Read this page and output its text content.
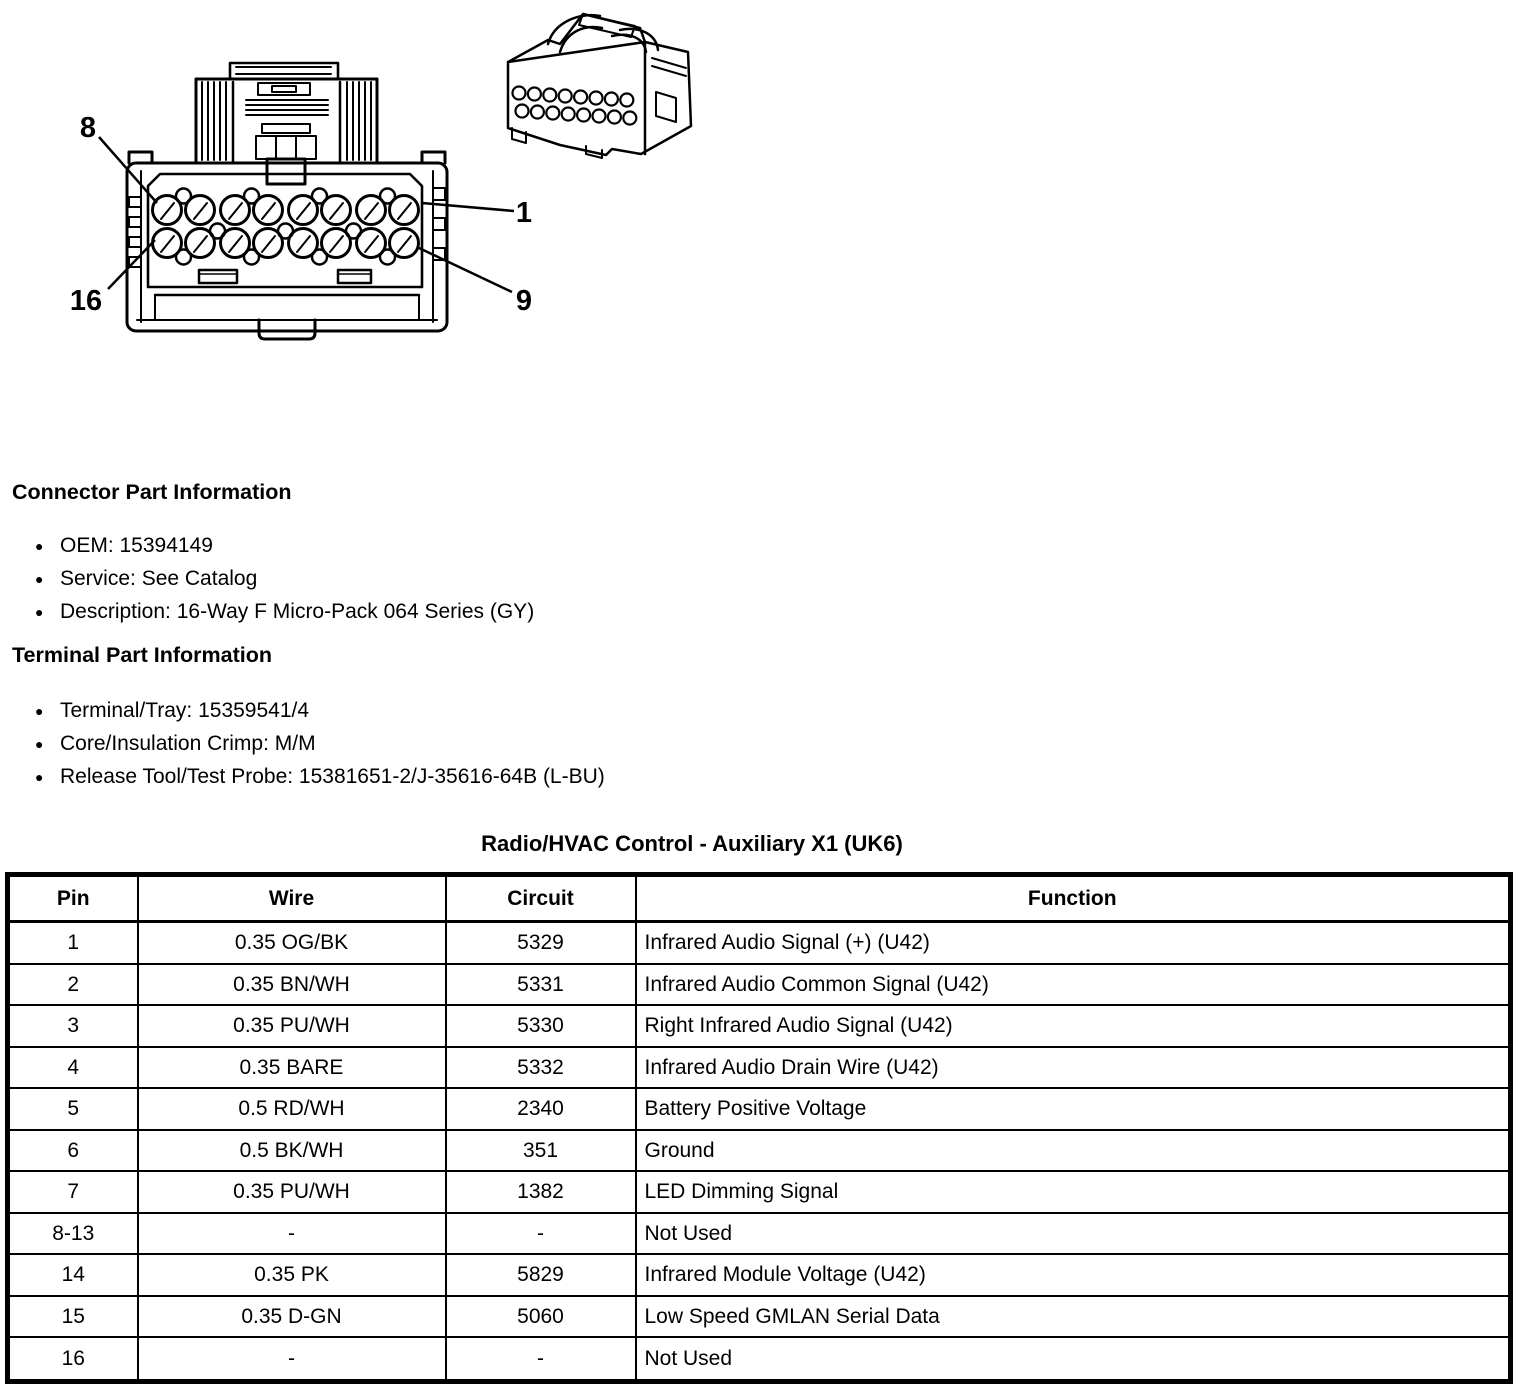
8
1
16	9
Connector Part Information
● OEM: 15394149
● Service: See Catalog
● Description: 16-Way F Micro-Pack 064 Series (GY)
Terminal Part Information
● Terminal/Tray: 15359541/4
● Core/Insulation Crimp: M/M
● Release Tool/Test Probe: 15381651-2/J-35616-64B (L-BU)
Radio/HVAC Control - Auxiliary X1 (UK6)
Pin	Wire	Circuit	Function
1	0.35 OG/BK	5329	Infrared Audio Signal (+) (U42)
2	0.35 BN/WH	5331	Infrared Audio Common Signal (U42)
3	0.35 PU/WH	5330	Right Infrared Audio Signal (U42)
4	0.35 BARE	5332	Infrared Audio Drain Wire (U42)
5	0.5 RD/WH	2340	Battery Positive Voltage
6	0.5 BK/WH	351	Ground
7	0.35 PU/WH	1382	LED Dimming Signal
8-13	-	-	Not Used
14	0.35 PK	5829	Infrared Module Voltage (U42)
15	0.35 D-GN	5060	Low Speed GMLAN Serial Data
16	-	-	Not Used
